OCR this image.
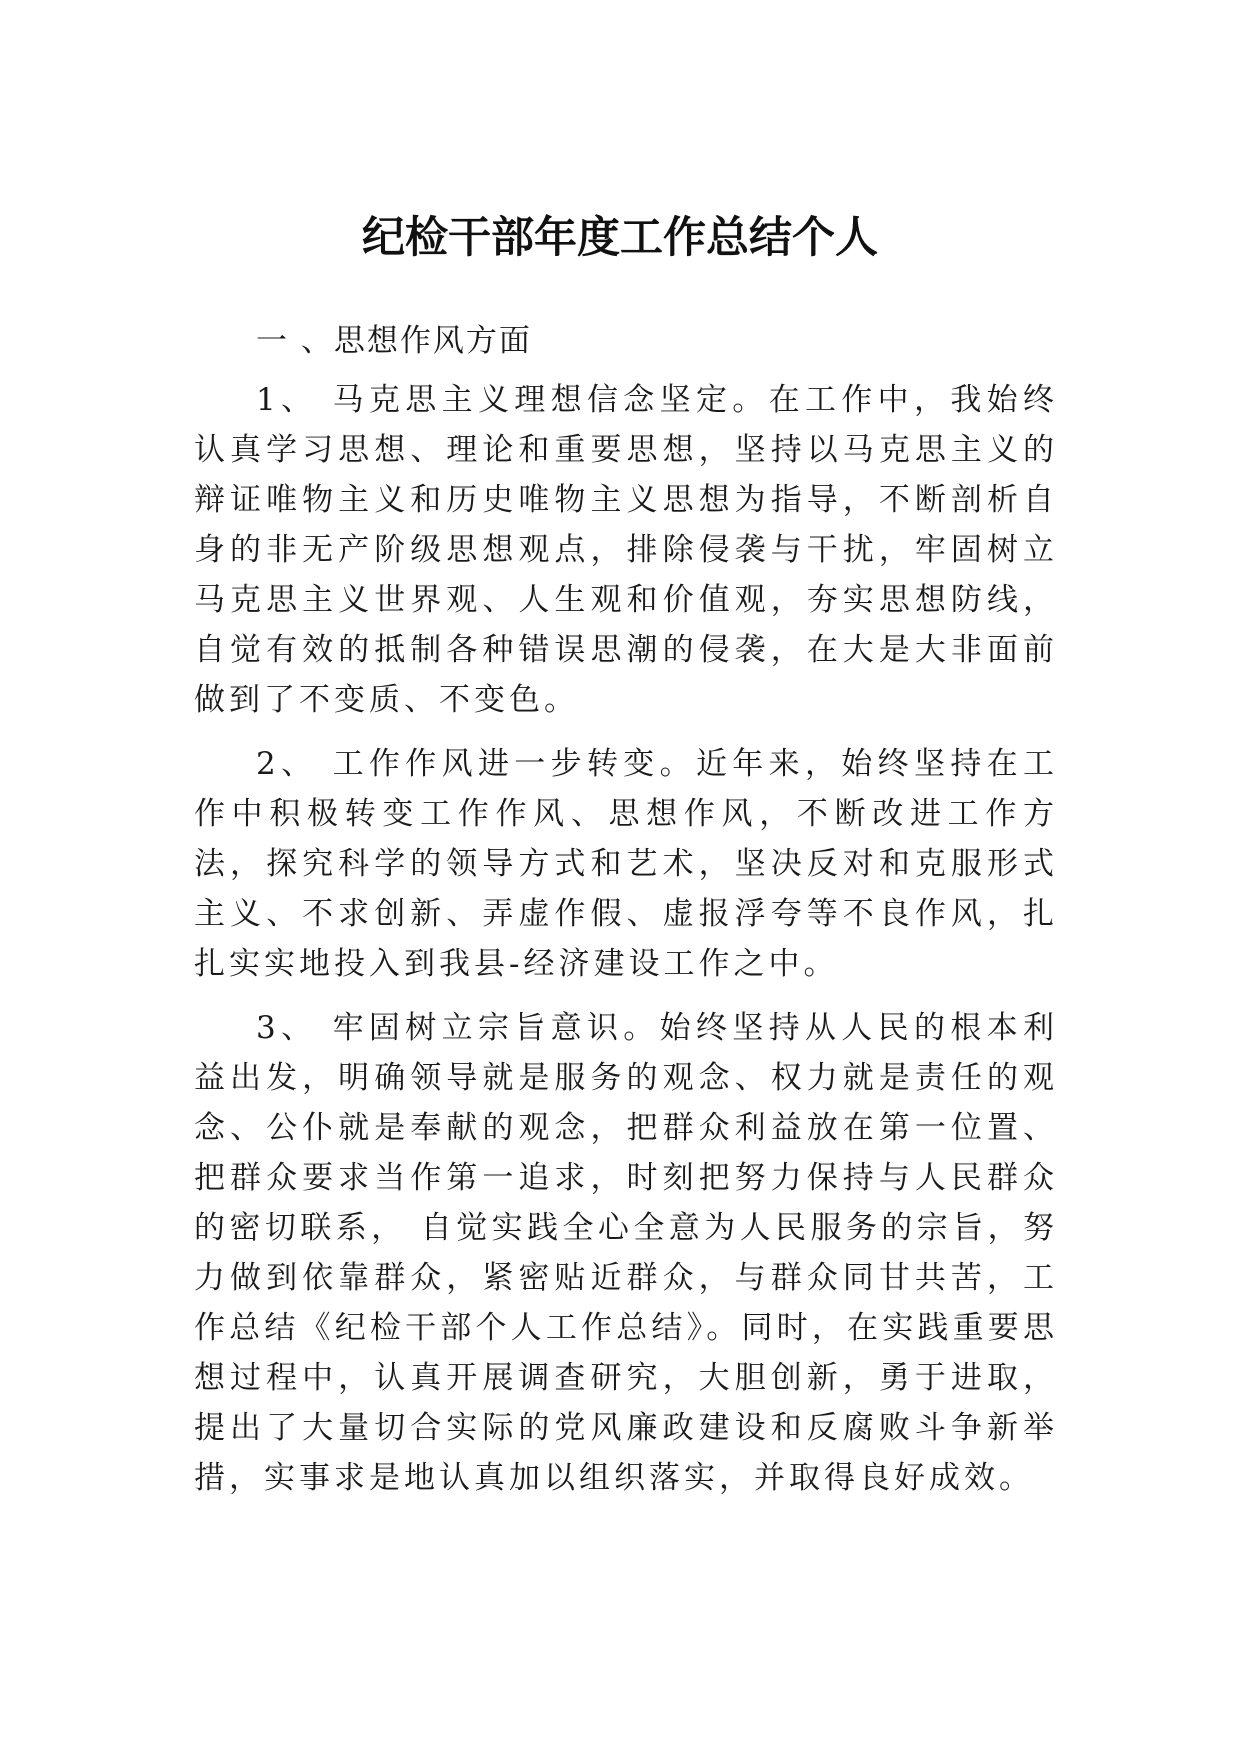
纪检干部年度工作总结个人

一 、思想作风方面

1、 马克思主义理想信念坚定。在工作中，我始终认真学习思想、理论和重要思想，坚持以马克思主义的辩证唯物主义和历史唯物主义思想为指导，不断剖析自身的非无产阶级思想观点，排除侵袭与干扰，牢固树立马克思主义世界观、人生观和价值观，夯实思想防线，自觉有效的抵制各种错误思潮的侵袭，在大是大非面前做到了不变质、不变色。

2、 工作作风进一步转变。近年来，始终坚持在工作中积极转变工作作风、思想作风，不断改进工作方法，探究科学的领导方式和艺术，坚决反对和克服形式主义、不求创新、弄虚作假、虚报浮夸等不良作风，扎扎实实地投入到我县-经济建设工作之中。

3、 牢固树立宗旨意识。始终坚持从人民的根本利益出发，明确领导就是服务的观念、权力就是责任的观念、公仆就是奉献的观念，把群众利益放在第一位置、把群众要求当作第一追求，时刻把努力保持与人民群众的密切联系， 自觉实践全心全意为人民服务的宗旨，努力做到依靠群众，紧密贴近群众，与群众同甘共苦，工作总结《纪检干部个人工作总结》。同时，在实践重要思想过程中，认真开展调查研究，大胆创新，勇于进取，提出了大量切合实际的党风廉政建设和反腐败斗争新举措，实事求是地认真加以组织落实，并取得良好成效。
